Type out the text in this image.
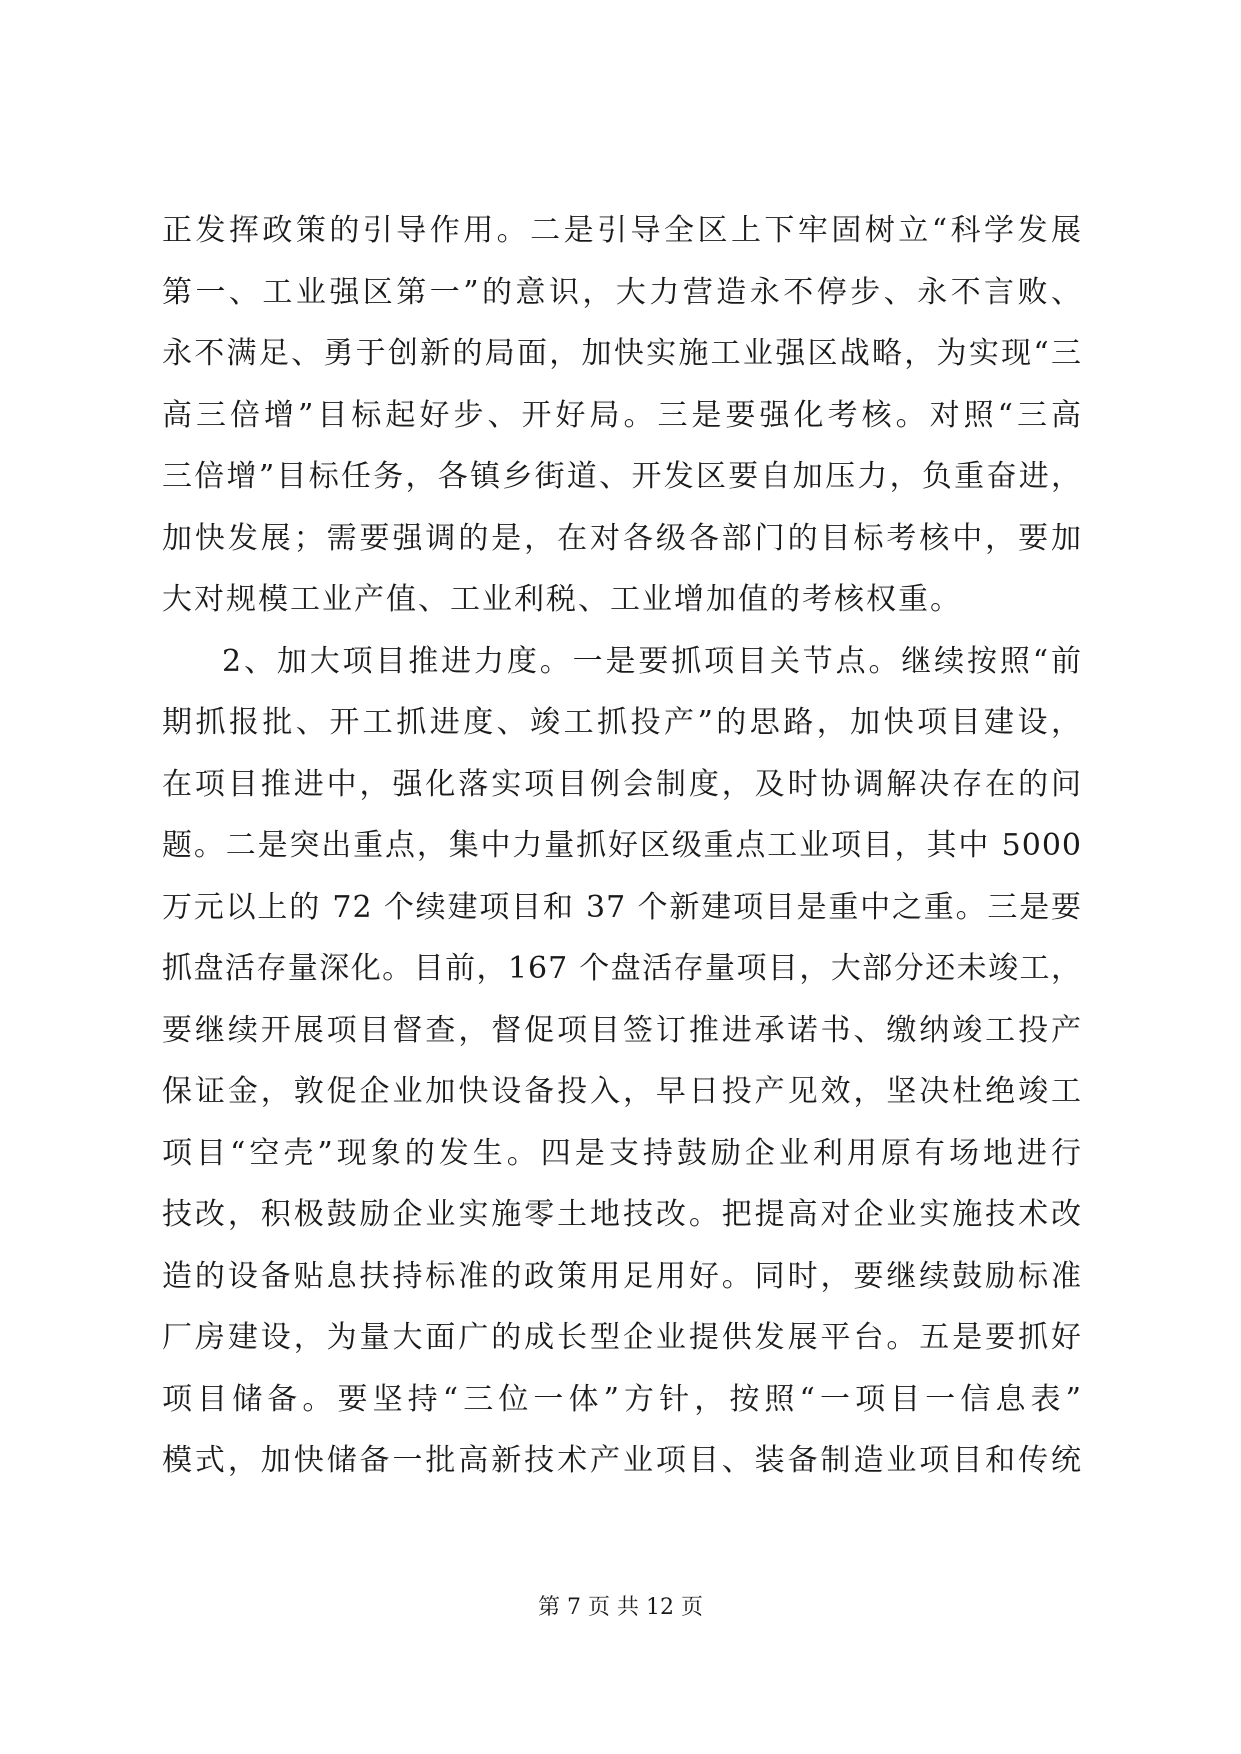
正发挥政策的引导作用。二是引导全区上下牢固树立“科学发展
第一、工业强区第一”的意识，大力营造永不停步、永不言败、
永不满足、勇于创新的局面，加快实施工业强区战略，为实现“三
高三倍增”目标起好步、开好局。三是要强化考核。对照“三高
三倍增”目标任务，各镇乡街道、开发区要自加压力，负重奋进，
加快发展；需要强调的是，在对各级各部门的目标考核中，要加
大对规模工业产值、工业利税、工业增加值的考核权重。
2、加大项目推进力度。一是要抓项目关节点。继续按照“前
期抓报批、开工抓进度、竣工抓投产”的思路，加快项目建设，
在项目推进中，强化落实项目例会制度，及时协调解决存在的问
题。二是突出重点，集中力量抓好区级重点工业项目，其中 5000
万元以上的 72 个续建项目和 37 个新建项目是重中之重。三是要
抓盘活存量深化。目前，167 个盘活存量项目，大部分还未竣工，
要继续开展项目督查，督促项目签订推进承诺书、缴纳竣工投产
保证金，敦促企业加快设备投入，早日投产见效，坚决杜绝竣工
项目“空壳”现象的发生。四是支持鼓励企业利用原有场地进行
技改，积极鼓励企业实施零土地技改。把提高对企业实施技术改
造的设备贴息扶持标准的政策用足用好。同时，要继续鼓励标准
厂房建设，为量大面广的成长型企业提供发展平台。五是要抓好
项目储备。要坚持“三位一体”方针，按照“一项目一信息表”
模式，加快储备一批高新技术产业项目、装备制造业项目和传统
第 7 页 共 12 页
